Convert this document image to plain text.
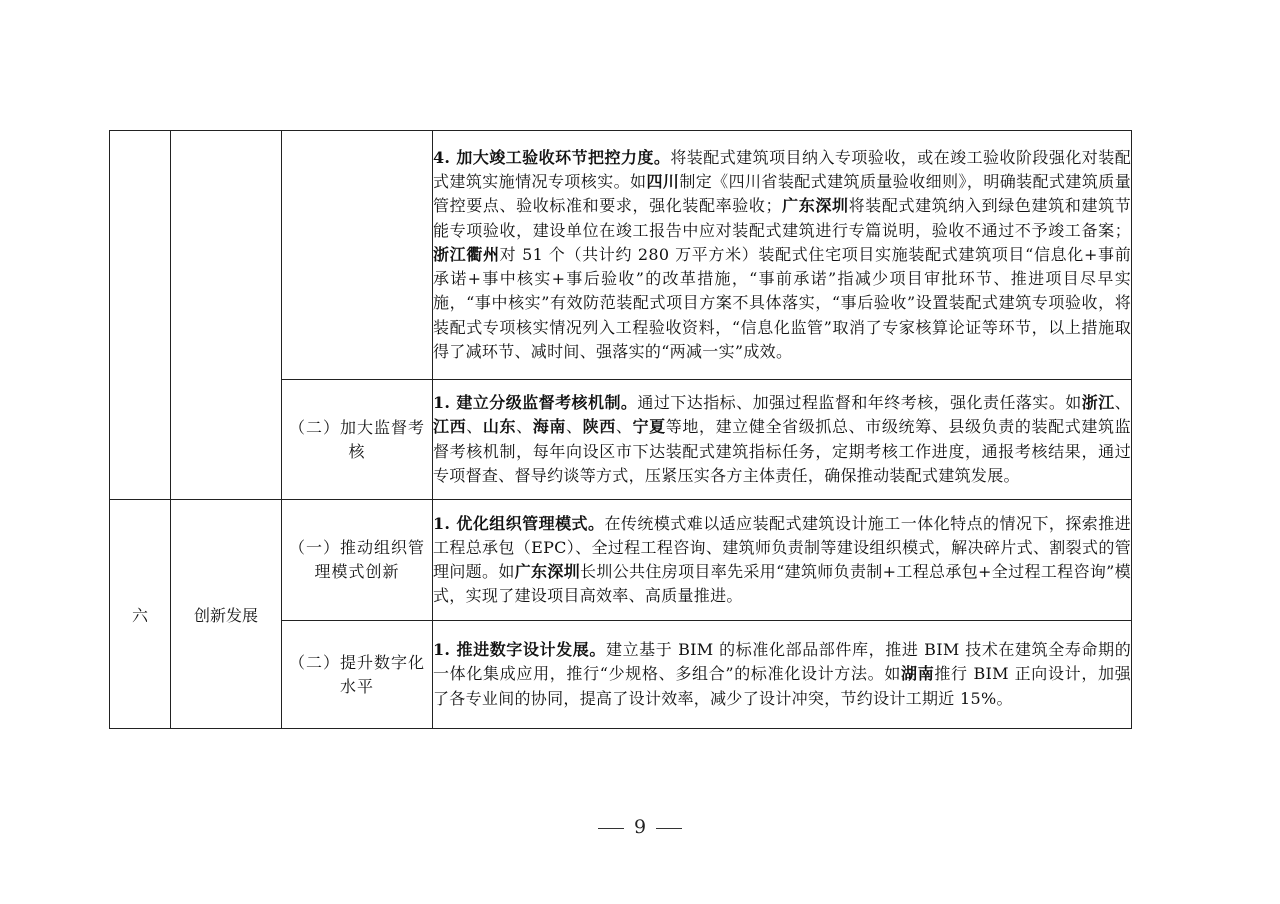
			4. 加大竣工验收环节把控力度。将装配式建筑项目纳入专项验收，或在竣工验收阶段强化对装配式建筑实施情况专项核实。如四川制定《四川省装配式建筑质量验收细则》，明确装配式建筑质量管控要点、验收标准和要求，强化装配率验收；广东深圳将装配式建筑纳入到绿色建筑和建筑节能专项验收，建设单位在竣工报告中应对装配式建筑进行专篇说明，验收不通过不予竣工备案；浙江衢州对 51 个（共计约 280 万平方米）装配式住宅项目实施装配式建筑项目“信息化+事前承诺+事中核实+事后验收”的改革措施，“事前承诺”指减少项目审批环节、推进项目尽早实施，“事中核实”有效防范装配式项目方案不具体落实，“事后验收”设置装配式建筑专项验收，将装配式专项核实情况列入工程验收资料，“信息化监管”取消了专家核算论证等环节，以上措施取得了减环节、减时间、强落实的“两减一实”成效。
		（二）加大监督考核	1. 建立分级监督考核机制。通过下达指标、加强过程监督和年终考核，强化责任落实。如浙江、江西、山东、海南、陕西、宁夏等地，建立健全省级抓总、市级统筹、县级负责的装配式建筑监督考核机制，每年向设区市下达装配式建筑指标任务，定期考核工作进度，通报考核结果，通过专项督查、督导约谈等方式，压紧压实各方主体责任，确保推动装配式建筑发展。
六	创新发展	（一）推动组织管理模式创新	1. 优化组织管理模式。在传统模式难以适应装配式建筑设计施工一体化特点的情况下，探索推进工程总承包（EPC）、全过程工程咨询、建筑师负责制等建设组织模式，解决碎片式、割裂式的管理问题。如广东深圳长圳公共住房项目率先采用“建筑师负责制+工程总承包+全过程工程咨询”模式，实现了建设项目高效率、高质量推进。
		（二）提升数字化水平	1. 推进数字设计发展。建立基于 BIM 的标准化部品部件库，推进 BIM 技术在建筑全寿命期的一体化集成应用，推行“少规格、多组合”的标准化设计方法。如湖南推行 BIM 正向设计，加强了各专业间的协同，提高了设计效率，减少了设计冲突，节约设计工期近 15%。
9
